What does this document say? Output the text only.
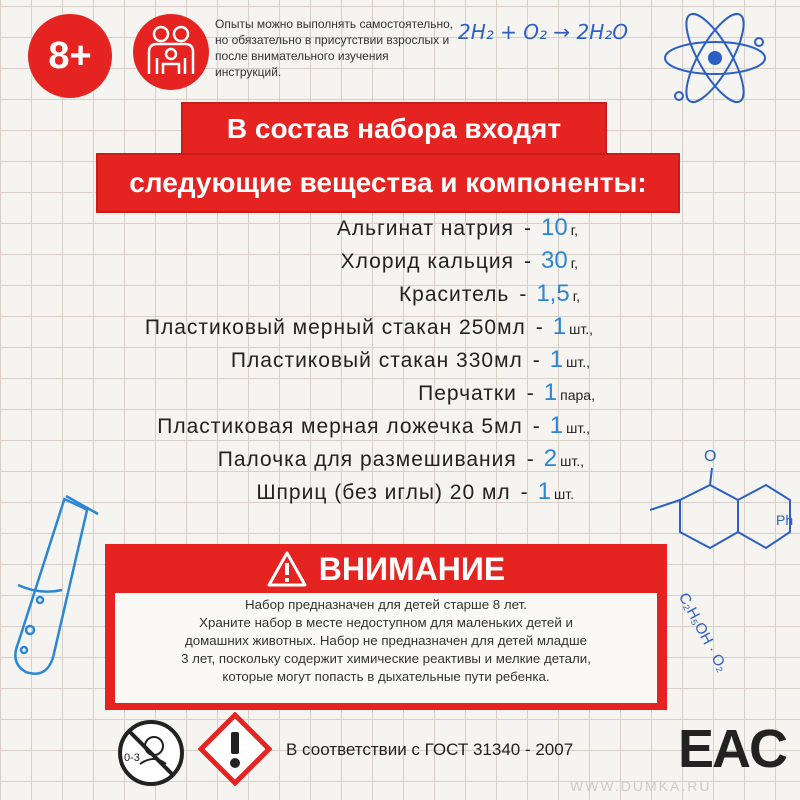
8+
Опыты можно выполнять самостоятельно, но обязательно в присутствии взрослых и после внимательного изучения инструкций.
2H₂ + O₂ → 2H₂O
В состав набора входят
следующие вещества и компоненты:
Альгинат натрия - 10 г,
Хлорид кальция - 30 г,
Краситель - 1,5 г,
Пластиковый мерный стакан 250мл - 1 шт.,
Пластиковый стакан 330мл - 1 шт.,
Перчатки - 1 пара,
Пластиковая мерная ложечка 5мл - 1 шт.,
Палочка для размешивания - 2 шт.,
Шприц (без иглы) 20 мл - 1 шт.
O
Ph
C₂H₅OH · O₂
ВНИМАНИЕ
Набор предназначен для детей старше 8 лет.
Храните набор в месте недоступном для маленьких детей и
домашних животных. Набор не предназначен для детей младше
3 лет, поскольку содержит химические реактивы и мелкие детали,
которые могут попасть в дыхательные пути ребенка.
0-3	В соответствии с ГОСТ 31340 - 2007 EAC
WWW.DUMKA.RU
